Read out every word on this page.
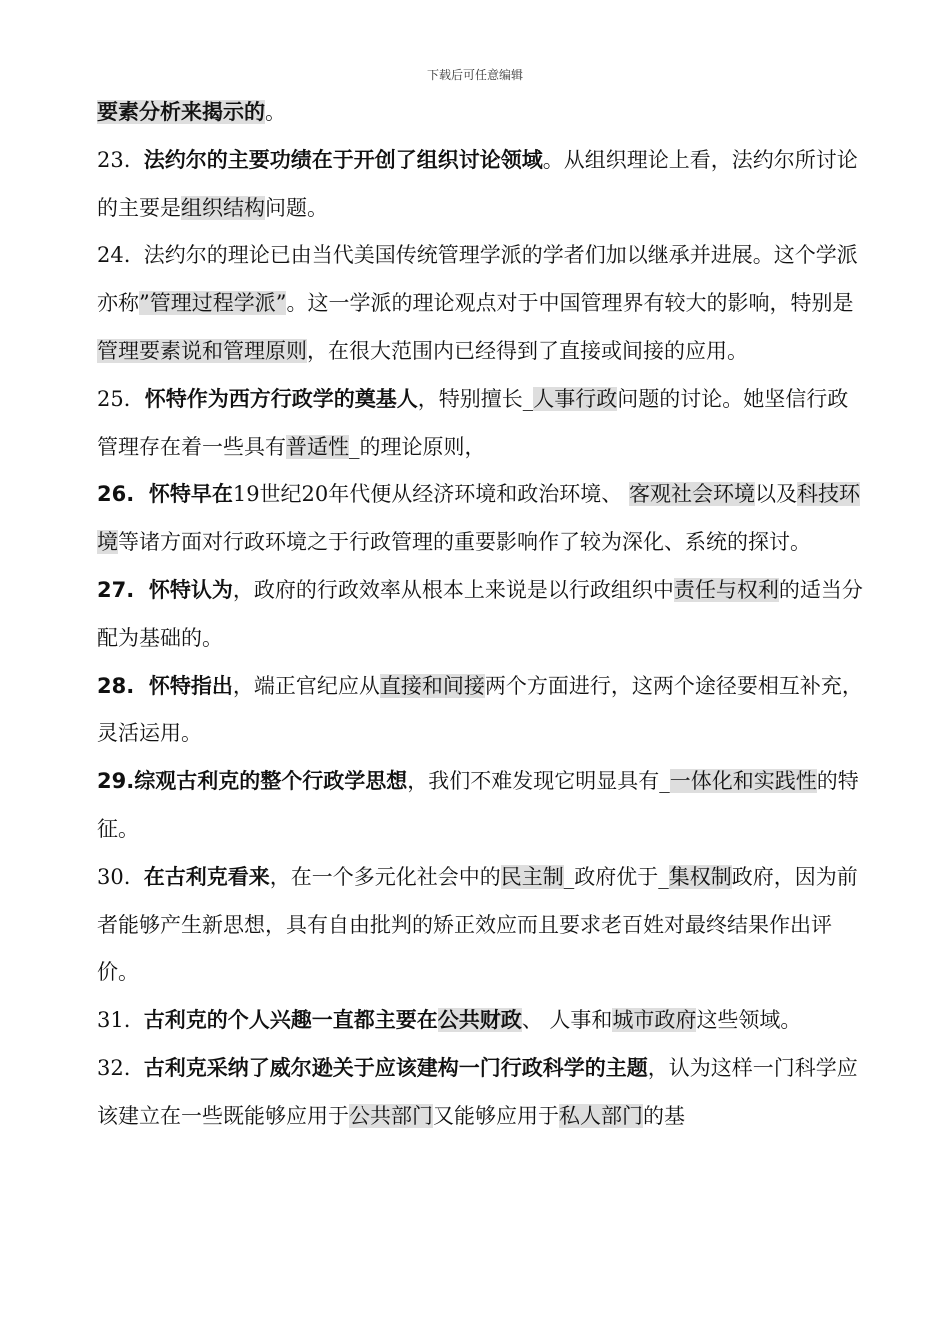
下载后可任意编辑

要素分析来揭示的。

23.  法约尔的主要功绩在于开创了组织讨论领域。从组织理论上看，法约尔所讨论的主要是组织结构问题。

24.  法约尔的理论已由当代美国传统管理学派的学者们加以继承并进展。这个学派亦称”管理过程学派”。这一学派的理论观点对于中国管理界有较大的影响，特别是管理要素说和管理原则，在很大范围内已经得到了直接或间接的应用。

25．怀特作为西方行政学的奠基人，特别擅长_人事行政问题的讨论。她坚信行政管理存在着一些具有普适性_的理论原则，

26.  怀特早在19世纪20年代便从经济环境和政治环境、 客观社会环境以及科技环境等诸方面对行政环境之于行政管理的重要影响作了较为深化、系统的探讨。

27.  怀特认为，政府的行政效率从根本上来说是以行政组织中责任与权利的适当分配为基础的。

28.  怀特指出，端正官纪应从直接和间接两个方面进行，这两个途径要相互补充，灵活运用。

29.综观古利克的整个行政学思想，我们不难发现它明显具有_一体化和实践性的特征。

30.  在古利克看来，在一个多元化社会中的民主制_政府优于_集权制政府，因为前者能够产生新思想，具有自由批判的矫正效应而且要求老百姓对最终结果作出评价。

31.  古利克的个人兴趣一直都主要在公共财政、 人事和城市政府这些领域。

32.  古利克采纳了威尔逊关于应该建构一门行政科学的主题，认为这样一门科学应该建立在一些既能够应用于公共部门又能够应用于私人部门的基
